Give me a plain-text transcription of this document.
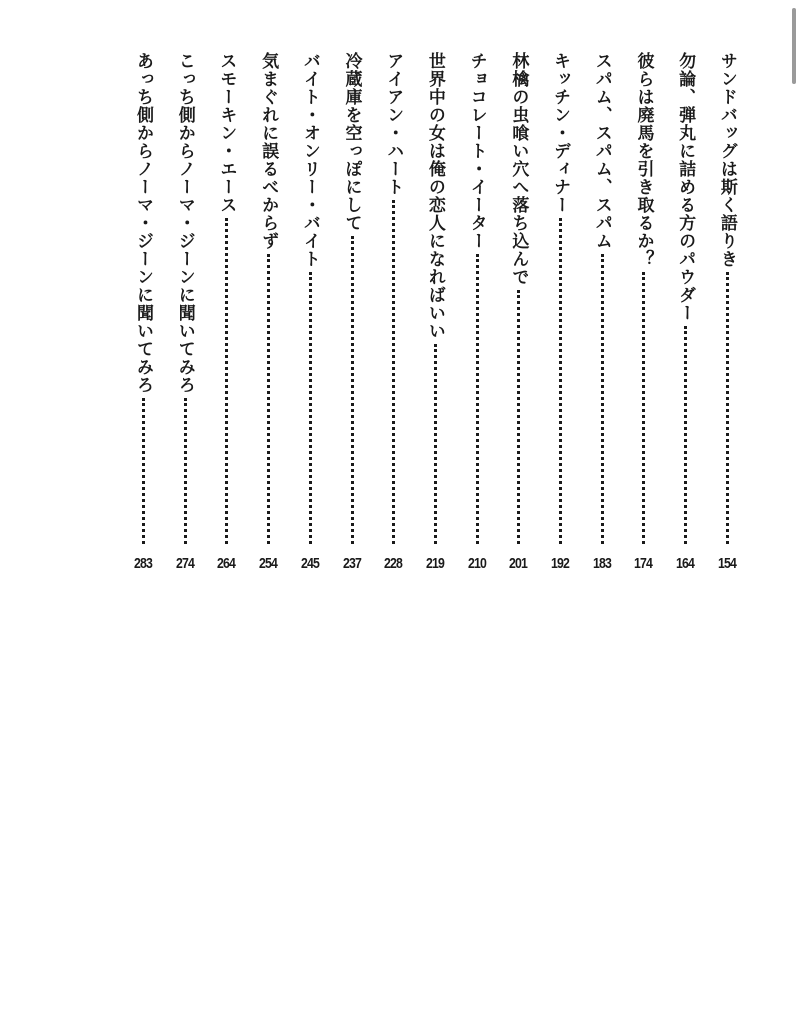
サンドバッグは斯く語りき
154
勿論、弾丸に詰める方のパウダー
164
彼らは廃馬を引き取るか？
174
スパム、スパム、スパム
183
キッチン・ディナー
192
林檎の虫喰い穴へ落ち込んで
201
チョコレート・イーター
210
世界中の女は俺の恋人になればいい
219
アイアン・ハート
228
冷蔵庫を空っぽにして
237
バイト・オンリー・バイト
245
気まぐれに誤るべからず
254
スモーキン・エース
264
こっち側からノーマ・ジーンに聞いてみろ
274
あっち側からノーマ・ジーンに聞いてみろ
283
